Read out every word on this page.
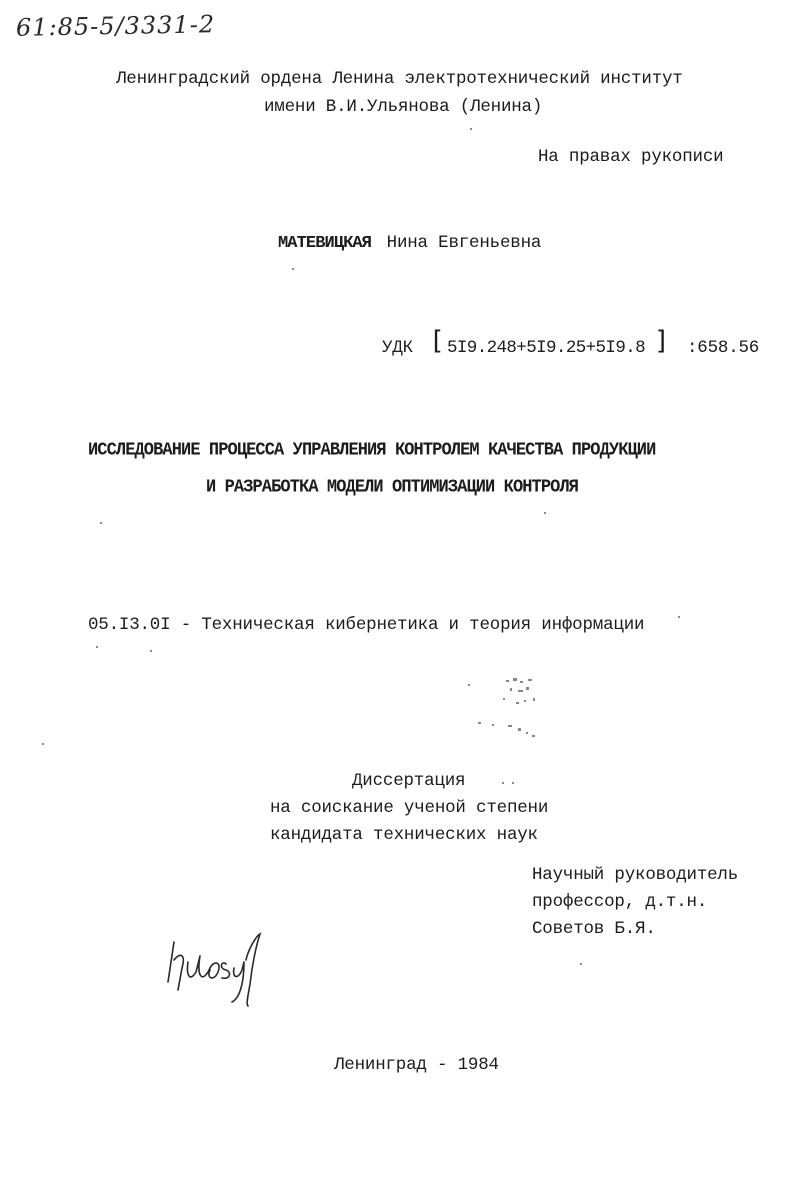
61:85-5/3331-2
Ленинградский ордена Ленина электротехнический институт
имени В.И.Ульянова (Ленина)
На правах рукописи
МАТЕВИЦКАЯ Нина Евгеньевна
УДК [ 5I9.248+5I9.25+5I9.8 ] :658.56
ИССЛЕДОВАНИЕ ПРОЦЕССА УПРАВЛЕНИЯ КОНТРОЛЕМ КАЧЕСТВА ПРОДУКЦИИ
И РАЗРАБОТКА МОДЕЛИ ОПТИМИЗАЦИИ КОНТРОЛЯ
05.I3.0I - Техническая кибернетика и теория информации
Диссертация
на соискание ученой степени
кандидата технических наук
Научный руководитель
профессор, д.т.н.
Советов Б.Я.
Ленинград - 1984
